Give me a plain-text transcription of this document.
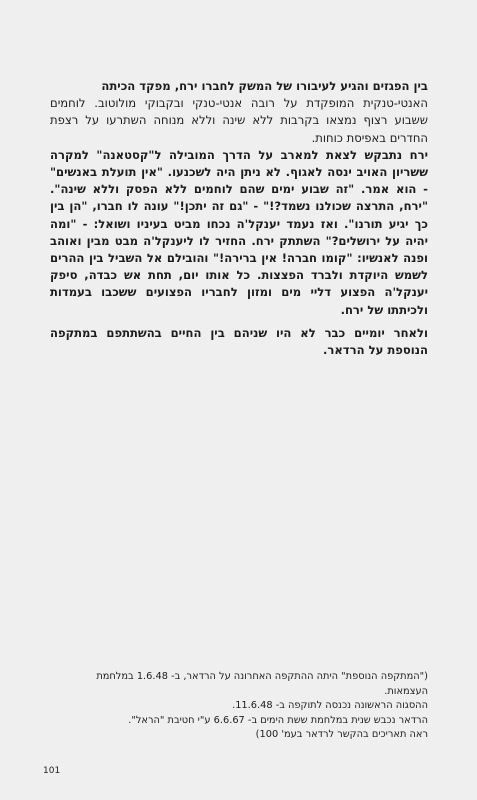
בין הפגזים והגיע לעיבורו של המשק לחברו ירח, מפקד הכיתה

האנטי-טנקית המופקדת על רובה אנטי-טנקי ובקבוקי מולוטוב. לוחמים ששבוע רצוף נמצאו בקרבות ללא שינה וללא מנוחה השתרעו על רצפת החדרים באפיסת כוחות.

ירח נתבקש לצאת למארב על הדרך המובילה ל"קסטאנה" למקרה ששריון האויב ינסה לאגוף. לא ניתן היה לשכנעו. "אין תועלת באנשים" - הוא אמר. "זה שבוע ימים שהם לוחמים ללא הפסק וללא שינה". "ירח, התרצה שכולנו נשמד?!" - "גם זה יתכן!" עונה לו חברו, "הן בין כך יגיע תורנו". ואז נעמד יענקל'ה נכחו מביט בעיניו ושואל: - "ומה יהיה על ירושלים?" השתתק ירח. החזיר לו ליענקל'ה מבט מבין ואוהב ופנה לאנשיו: "קומו חברה! אין ברירה!" והובילם אל השביל בין ההרים לשמש היוקדת ולברד הפצצות. כל אותו יום, תחת אש כבדה, סיפק יענקל'ה הפצוע דליי מים ומזון לחבריו הפצועים ששכבו בעמדות ולכיתתו של ירח.

ולאחר יומיים כבר לא היו שניהם בין החיים בהשתתפם במתקפה הנוספת על הרדאר.

("המתקפה הנוספת" היתה ההתקפה האחרונה על הרדאר, ב- 1.6.48 במלחמת העצמאות.

ההסגוה הראשונה נכנסה לתוקפה ב- 11.6.48.

הרדאר נכבש שנית במלחמת ששת הימים ב- 6.6.67 ע"י חטיבת "הראל".

ראה תאריכים בהקשר לרדאר בעמ' 100)

101
